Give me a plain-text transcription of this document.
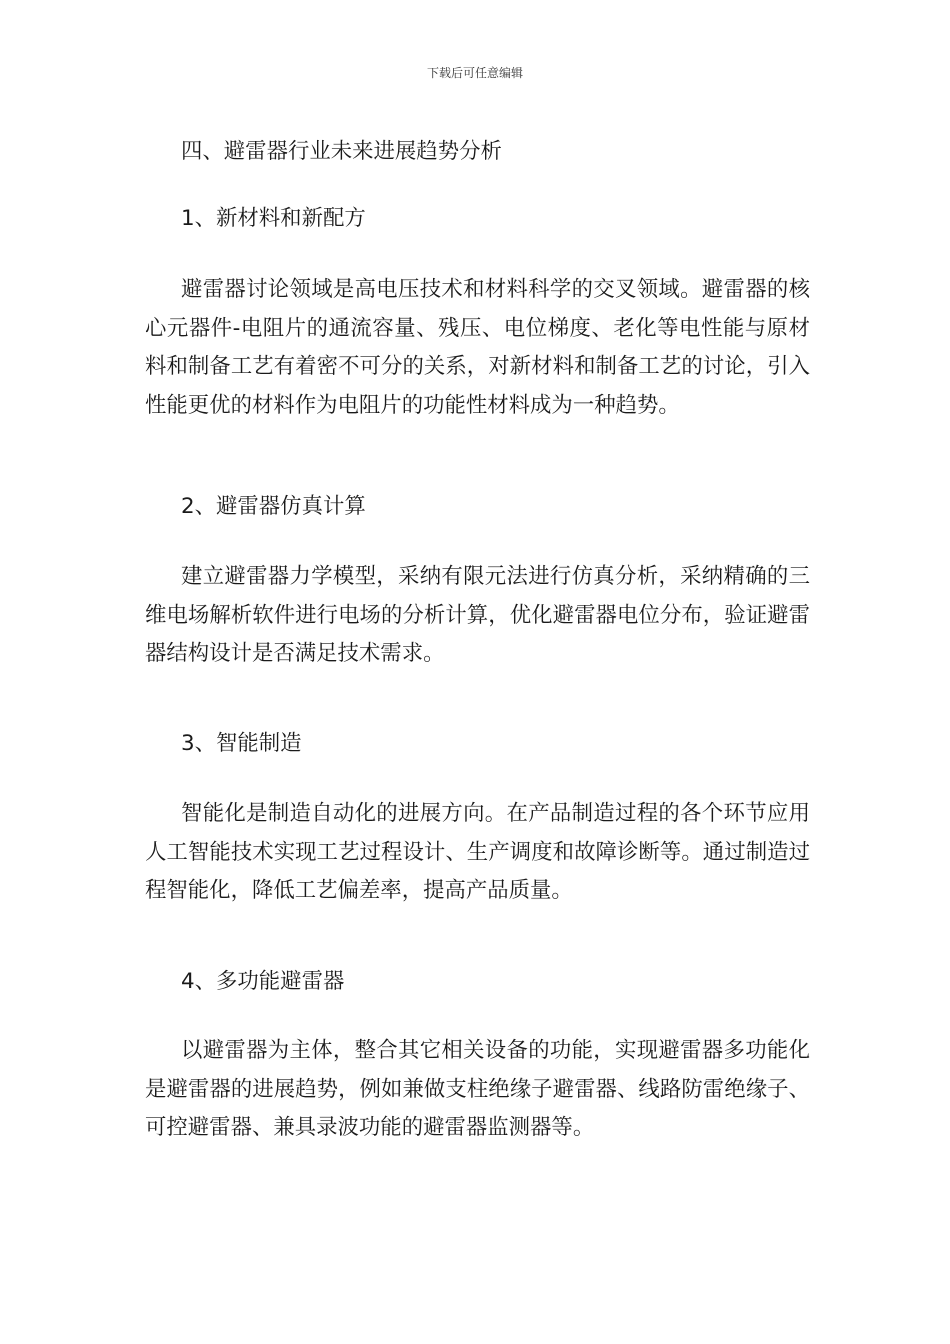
下载后可任意编辑
四、避雷器行业未来进展趋势分析
1、新材料和新配方
避雷器讨论领域是高电压技术和材料科学的交叉领域。避雷器的核心元器件-电阻片的通流容量、残压、电位梯度、老化等电性能与原材料和制备工艺有着密不可分的关系，对新材料和制备工艺的讨论，引入性能更优的材料作为电阻片的功能性材料成为一种趋势。
2、避雷器仿真计算
建立避雷器力学模型，采纳有限元法进行仿真分析，采纳精确的三维电场解析软件进行电场的分析计算，优化避雷器电位分布，验证避雷器结构设计是否满足技术需求。
3、智能制造
智能化是制造自动化的进展方向。在产品制造过程的各个环节应用人工智能技术实现工艺过程设计、生产调度和故障诊断等。通过制造过程智能化，降低工艺偏差率，提高产品质量。
4、多功能避雷器
以避雷器为主体，整合其它相关设备的功能，实现避雷器多功能化是避雷器的进展趋势，例如兼做支柱绝缘子避雷器、线路防雷绝缘子、可控避雷器、兼具录波功能的避雷器监测器等。
